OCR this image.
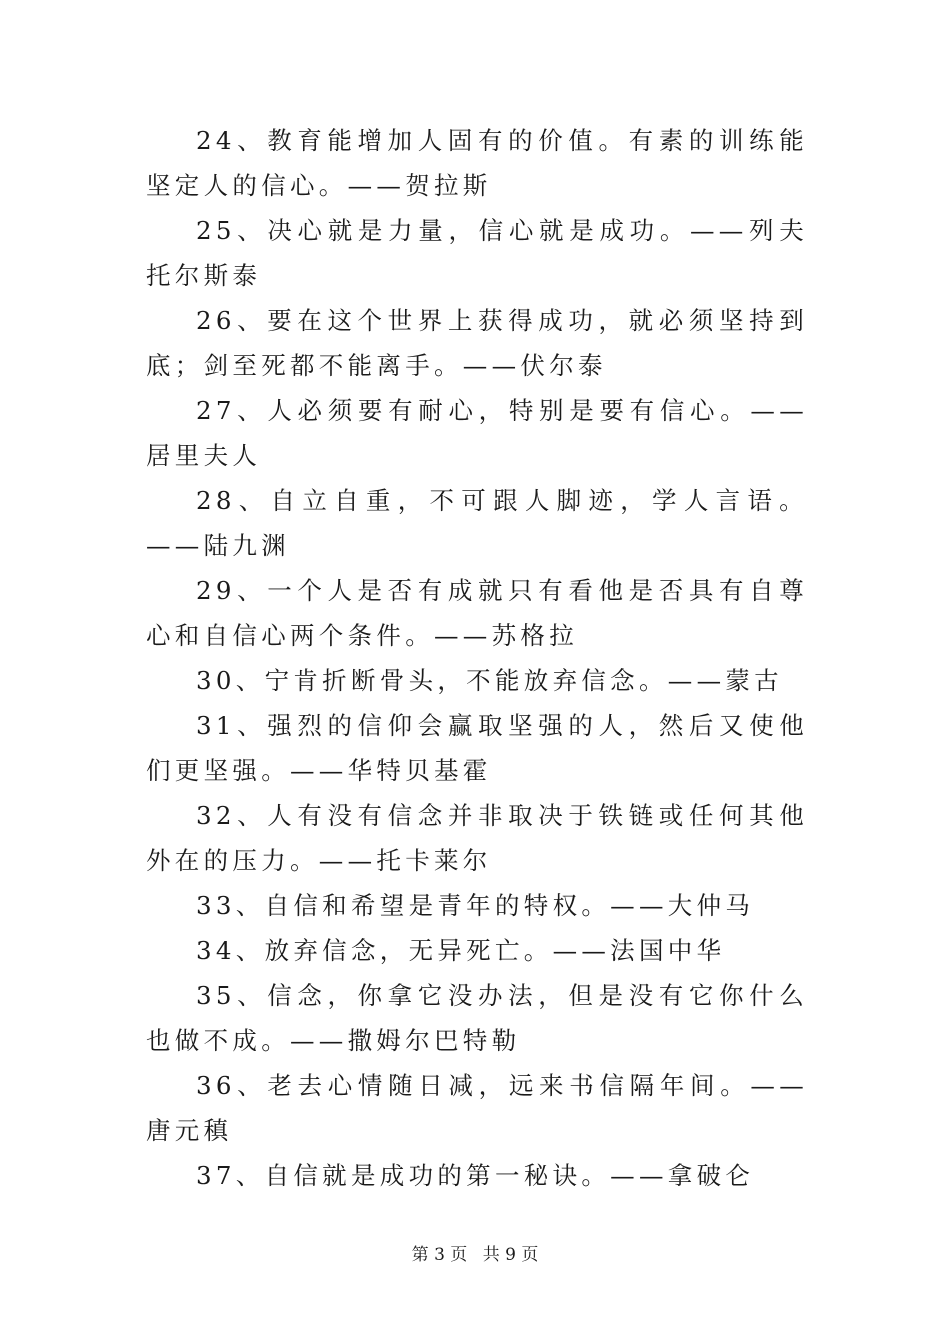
24、教育能增加人固有的价值。有素的训练能坚定人的信心。——贺拉斯

25、决心就是力量，信心就是成功。——列夫托尔斯泰

26、要在这个世界上获得成功，就必须坚持到底；剑至死都不能离手。——伏尔泰

27、人必须要有耐心，特别是要有信心。——居里夫人

28、自立自重，不可跟人脚迹，学人言语。——陆九渊

29、一个人是否有成就只有看他是否具有自尊心和自信心两个条件。——苏格拉

30、宁肯折断骨头，不能放弃信念。——蒙古

31、强烈的信仰会赢取坚强的人，然后又使他们更坚强。——华特贝基霍

32、人有没有信念并非取决于铁链或任何其他外在的压力。——托卡莱尔

33、自信和希望是青年的特权。——大仲马

34、放弃信念，无异死亡。——法国中华

35、信念，你拿它没办法，但是没有它你什么也做不成。——撒姆尔巴特勒

36、老去心情随日减，远来书信隔年间。——唐元稹

37、自信就是成功的第一秘诀。——拿破仑

第 3 页 共 9 页
